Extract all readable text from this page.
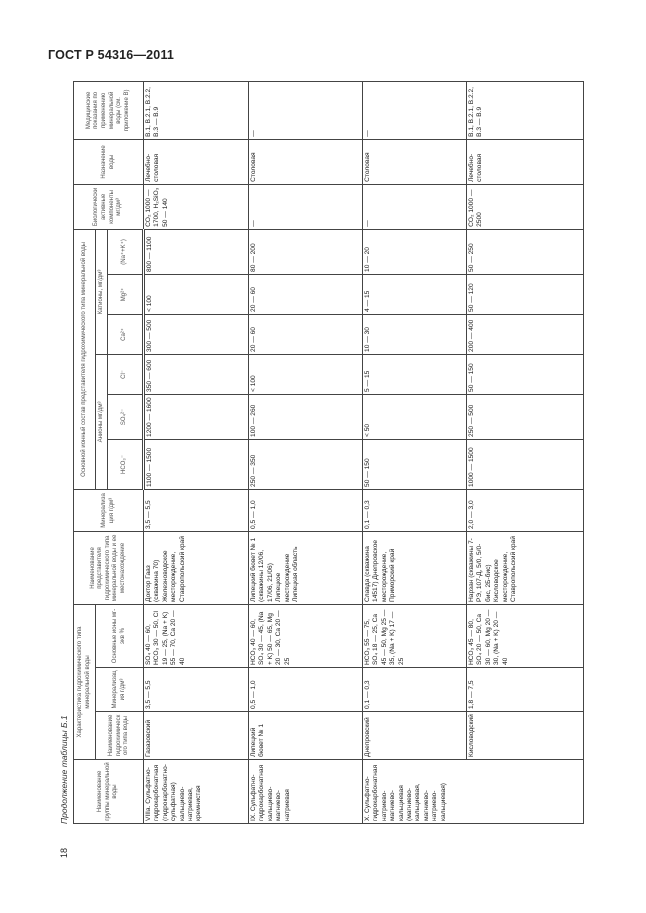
ГОСТ Р 54316—2011
18
Продолжение таблицы Б.1	Наименование группы минеральной воды	Характеристика гидрохимического типа минеральной воды			Наименование представителя гидрохимического типа минеральной воды и ее местонахождение	Минерализация г/дм³	Основной ионный состав представителя гидрохимического типа минеральной воды						Биологически активные компоненты мг/дм³	Назначение воды	Медицинские показания по применению минеральной воды (см. приложение В)
	Наименование гидрохимического типа воды	Минерализация г/дм³	Основные ионы мг-экв %			Анионы мг/дм³			Катионы, мг/дм³					
						HCO₃⁻	SO₄²⁻	Cl⁻	Ca²⁺	Mg²⁺	(Na⁺+K⁺)			
VIIIа. Сульфатно-гидрокарбонатная (гидрокарбонатно-сульфатная) кальциево-натриевая, кремнистая	Газазовский	3,5 — 5,5	SO₄ 40 — 60, HCO₃ 30 — 50, Cl 19 — 25, (Na + K) 55 — 70, Ca 20 — 40	Доктор Гааз (скважина 70) Железноводское месторождение, Ставропольский край	3,5 — 5,5	1100 — 1500	1200 — 1600	350 — 600	300 — 500	< 100	800 — 1100	CO₂ 1000 — 1700, H₂SiO₃ 50 — 140	Лечебно-столовая	В.1, В.2.1, В.2.2, В.3 — В.9
IX. Сульфатно-гидрокарбонатная кальциево-магниево-натриевая	Липецкий бювет № 1	0,5 — 1,0	HCO₃ 40 — 60, SO₄ 30 — 45, (Na + K) 50 — 65, Mg 20 — 30, Ca 20 — 25	Липецкий бювет № 1 (скважины 12/06, 17/06, 21/06) Липецкое месторождение Липецкая область	0,5 — 1,0	250 — 350	100 — 260	< 100	20 — 60	20 — 60	80 — 200	—	Столовая	—
X. Сульфатно-гидрокарбонатная натриево-магниево-кальциевая (магниево-кальциевая, магниево-натриево-кальциевая)	Днепровский	0,1 — 0,3	HCO₃ 55 — 75, SO₄ 18 — 25, Ca 45 — 50, Mg 25 — 35, (Na + K) 17 — 25	Славда (скважина 14517) Днепровское месторождение, Приморский край	0,1 — 0,3	50 — 150	< 50	5 — 15	10 — 30	4 — 15	10 — 20	—	Столовая	—
	Кисловодский	1,8 — 7,5	HCO₃ 45 — 80, SO₄ 20 — 50, Ca 30 — 60, Mg 20 — 30, (Na + K) 20 — 40	Нарзан (скважины 7-РЭ, 107-Д, 5/0, 5/0-бис, 2Б-бис) Кисловодское месторождение, Ставропольский край	2,0 — 3,0	1000 — 1500	250 — 500	50 — 150	200 — 400	50 — 120	50 — 250	CO₂ 1000 — 2500	Лечебно-столовая	В.1, В.2.1, В.2.2, В.3 — В.9
